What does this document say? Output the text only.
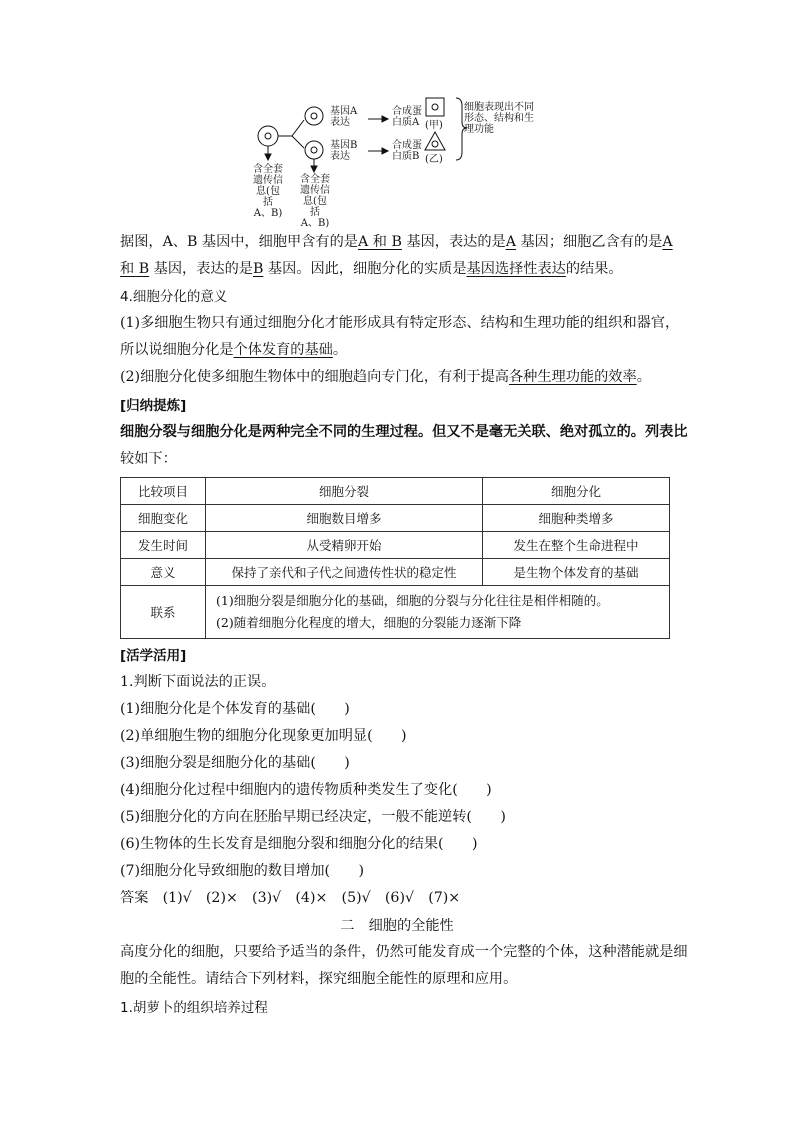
含全套
遗传信
息(包括
A、B)
基因A
表达
基因B
表达
合成蛋
白质A
合成蛋
白质B
(甲)
(乙)
细胞表现出不同
形态、结构和生
理功能
含全套
遗传信
息(包括
A、B)
据图，A、B 基因中，细胞甲含有的是A 和 B 基因，表达的是A 基因；细胞乙含有的是A
和 B 基因，表达的是B 基因。因此，细胞分化的实质是基因选择性表达的结果。
4.细胞分化的意义
(1)多细胞生物只有通过细胞分化才能形成具有特定形态、结构和生理功能的组织和器官，
所以说细胞分化是个体发育的基础。
(2)细胞分化使多细胞生物体中的细胞趋向专门化，有利于提高各种生理功能的效率。
[归纳提炼]
细胞分裂与细胞分化是两种完全不同的生理过程。但又不是毫无关联、绝对孤立的。列表比
较如下：
比较项目	细胞分裂	细胞分化
细胞变化	细胞数目增多	细胞种类增多
发生时间	从受精卵开始	发生在整个生命进程中
意义	保持了亲代和子代之间遗传性状的稳定性	是生物个体发育的基础
联系	(1)细胞分裂是细胞分化的基础，细胞的分裂与分化往往是相伴相随的。
(2)随着细胞分化程度的增大，细胞的分裂能力逐渐下降	
[活学活用]
1.判断下面说法的正误。
(1)细胞分化是个体发育的基础(　　)
(2)单细胞生物的细胞分化现象更加明显(　　)
(3)细胞分裂是细胞分化的基础(　　)
(4)细胞分化过程中细胞内的遗传物质种类发生了变化(　　)
(5)细胞分化的方向在胚胎早期已经决定，一般不能逆转(　　)
(6)生物体的生长发育是细胞分裂和细胞分化的结果(　　)
(7)细胞分化导致细胞的数目增加(　　)
答案　(1)√　(2)×　(3)√　(4)×　(5)√　(6)√　(7)×
二　细胞的全能性
高度分化的细胞，只要给予适当的条件，仍然可能发育成一个完整的个体，这种潜能就是细
胞的全能性。请结合下列材料，探究细胞全能性的原理和应用。
1.胡萝卜的组织培养过程
